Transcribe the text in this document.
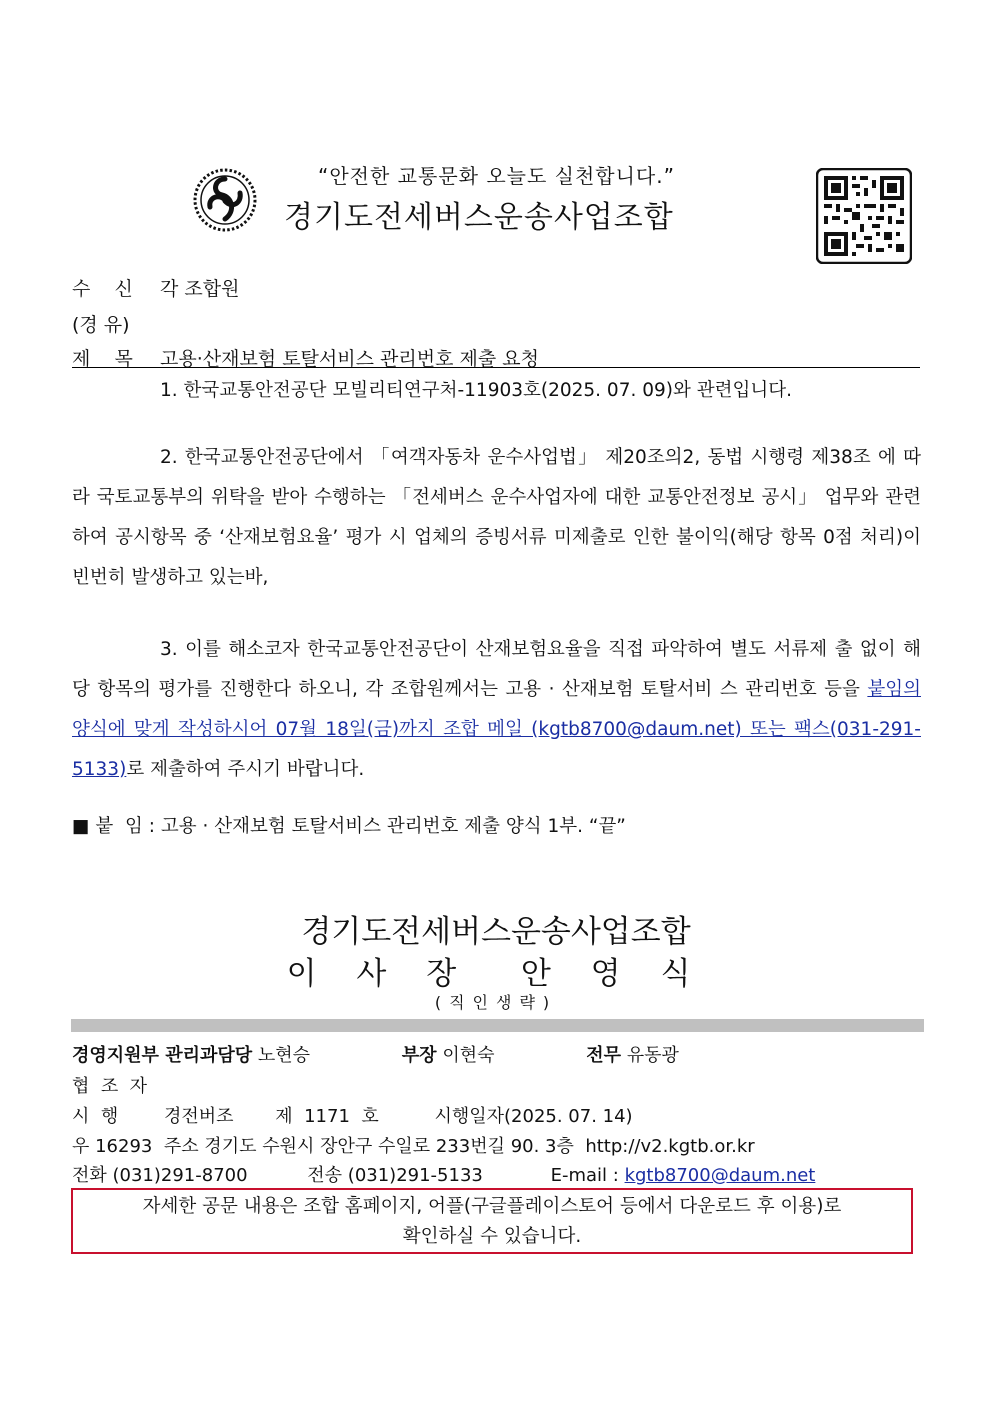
“안전한 교통문화 오늘도 실천합니다.”
경기도전세버스운송사업조합
수    신 각 조합원
(경 유)
제    목 고용·산재보험 토탈서비스 관리번호 제출 요청
1. 한국교통안전공단 모빌리티연구처-11903호(2025. 07. 09)와 관련입니다.
2. 한국교통안전공단에서 「여객자동차 운수사업법」 제20조의2, 동법 시행령 제38조 에 따라 국토교통부의 위탁을 받아 수행하는 「전세버스 운수사업자에 대한 교통안전정보 공시」 업무와 관련하여 공시항목 중 ‘산재보험요율’ 평가 시 업체의 증빙서류 미제출로 인한 불이익(해당 항목 0점 처리)이 빈번히 발생하고 있는바,
3. 이를 해소코자 한국교통안전공단이 산재보험요율을 직접 파악하여 별도 서류제 출 없이 해당 항목의 평가를 진행한다 하오니, 각 조합원께서는 고용 · 산재보험 토탈서비 스 관리번호 등을 붙임의 양식에 맞게 작성하시어 07월 18일(금)까지 조합 메일 (kgtb8700@daum.net) 또는 팩스(031-291-5133)로 제출하여 주시기 바랍니다.
■ 붙  임 : 고용 · 산재보험 토탈서비스 관리번호 제출 양식 1부. “끝”
경기도전세버스운송사업조합
이 사 장  안 영 식
(직인생략)
경영지원부 관리과담당 노현승	부장 이현숙	전무 유동광
협  조  자
시  행	경전버조 제  1171  호	시행일자(2025. 07. 14)
우 16293  주소 경기도 수원시 장안구 수일로 233번길 90. 3층  http://v2.kgtb.or.kr
전화 (031)291-8700	전송 (031)291-5133	E-mail : kgtb8700@daum.net
자세한 공문 내용은 조합 홈페이지, 어플(구글플레이스토어 등에서 다운로드 후 이용)로
확인하실 수 있습니다.
